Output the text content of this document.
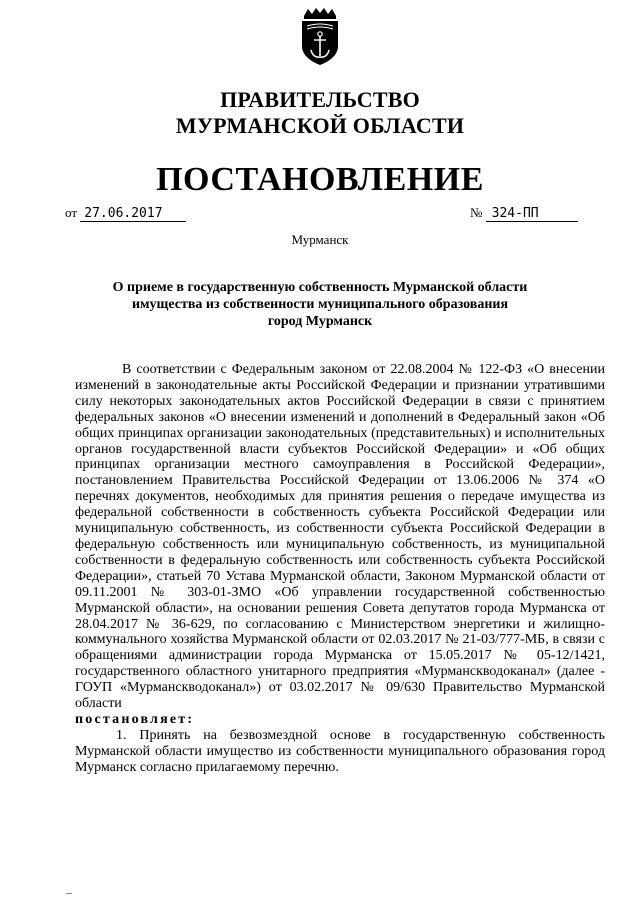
ПРАВИТЕЛЬСТВО
МУРМАНСКОЙ ОБЛАСТИ
ПОСТАНОВЛЕНИЕ
от 27.06.2017	№ 324-ПП
Мурманск
О приеме в государственную собственность Мурманской области
имущества из собственности муниципального образования
город Мурманск

В соответствии с Федеральным законом от 22.08.2004 № 122-ФЗ «О внесении изменений в законодательные акты Российской Федерации и признании утратившими силу некоторых законодательных актов Российской Федерации в связи с принятием федеральных законов «О внесении изменений и дополнений в Федеральный закон «Об общих принципах организации законодательных (представительных) и исполнительных органов государственной власти субъектов Российской Федерации» и «Об общих принципах организации местного самоуправления в Российской Федерации», постановлением Правительства Российской Федерации от 13.06.2006 № 374 «О перечнях документов, необходимых для принятия решения о передаче имущества из федеральной собственности в собственность субъекта Российской Федерации или муниципальную собственность, из собственности субъекта Российской Федерации в федеральную собственность или муниципальную собственность, из муниципальной собственности в федеральную собственность или собственность субъекта Российской Федерации», статьей 70 Устава Мурманской области, Законом Мурманской области от 09.11.2001 № 303-01-ЗМО «Об управлении государственной собственностью Мурманской области», на основании решения Совета депутатов города Мурманска от 28.04.2017 № 36-629, по согласованию с Министерством энергетики и жилищно-коммунального хозяйства Мурманской области от 02.03.2017 № 21-03/777-МБ, в связи с обращениями администрации города Мурманска от 15.05.2017 № 05-12/1421, государственного областного унитарного предприятия «Мурманскводоканал» (далее - ГОУП «Мурманскводоканал») от 03.02.2017 № 09/630 Правительство Мурманской области

постановляет:

1. Принять на безвозмездной основе в государственную собственность Мурманской области имущество из собственности муниципального образования город Мурманск согласно прилагаемому перечню.
